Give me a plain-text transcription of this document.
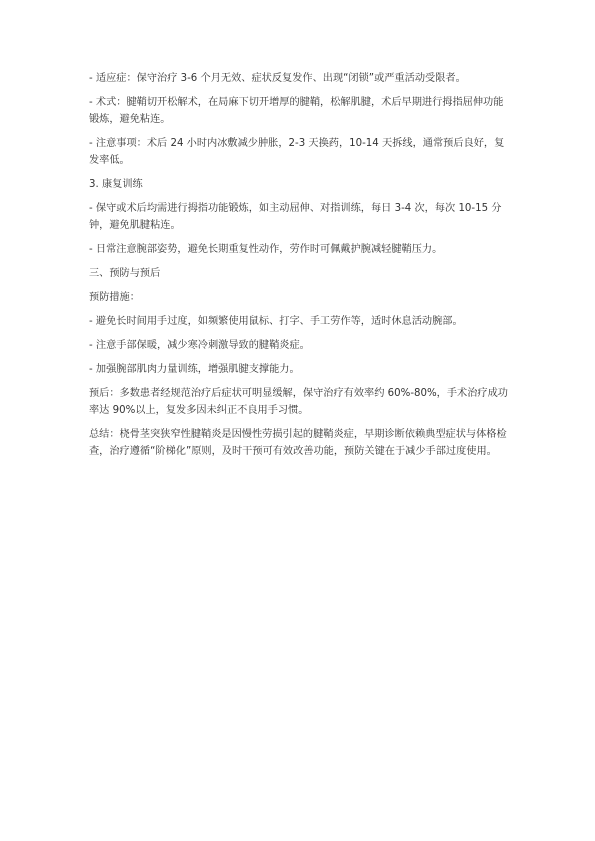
- 适应症：保守治疗 3-6 个月无效、症状反复发作、出现“闭锁”或严重活动受限者。

- 术式：腱鞘切开松解术，在局麻下切开增厚的腱鞘，松解肌腱，术后早期进行拇指屈伸功能锻炼，避免粘连。

- 注意事项：术后 24 小时内冰敷减少肿胀，2-3 天换药，10-14 天拆线，通常预后良好，复发率低。

3. 康复训练

- 保守或术后均需进行拇指功能锻炼，如主动屈伸、对指训练，每日 3-4 次，每次 10-15 分钟，避免肌腱粘连。

- 日常注意腕部姿势，避免长期重复性动作，劳作时可佩戴护腕减轻腱鞘压力。

三、预防与预后

预防措施：

- 避免长时间用手过度，如频繁使用鼠标、打字、手工劳作等，适时休息活动腕部。

- 注意手部保暖，减少寒冷刺激导致的腱鞘炎症。

- 加强腕部肌肉力量训练，增强肌腱支撑能力。

预后：多数患者经规范治疗后症状可明显缓解，保守治疗有效率约 60%-80%，手术治疗成功率达 90%以上，复发多因未纠正不良用手习惯。

总结：桡骨茎突狭窄性腱鞘炎是因慢性劳损引起的腱鞘炎症，早期诊断依赖典型症状与体格检查，治疗遵循“阶梯化”原则，及时干预可有效改善功能，预防关键在于减少手部过度使用。
